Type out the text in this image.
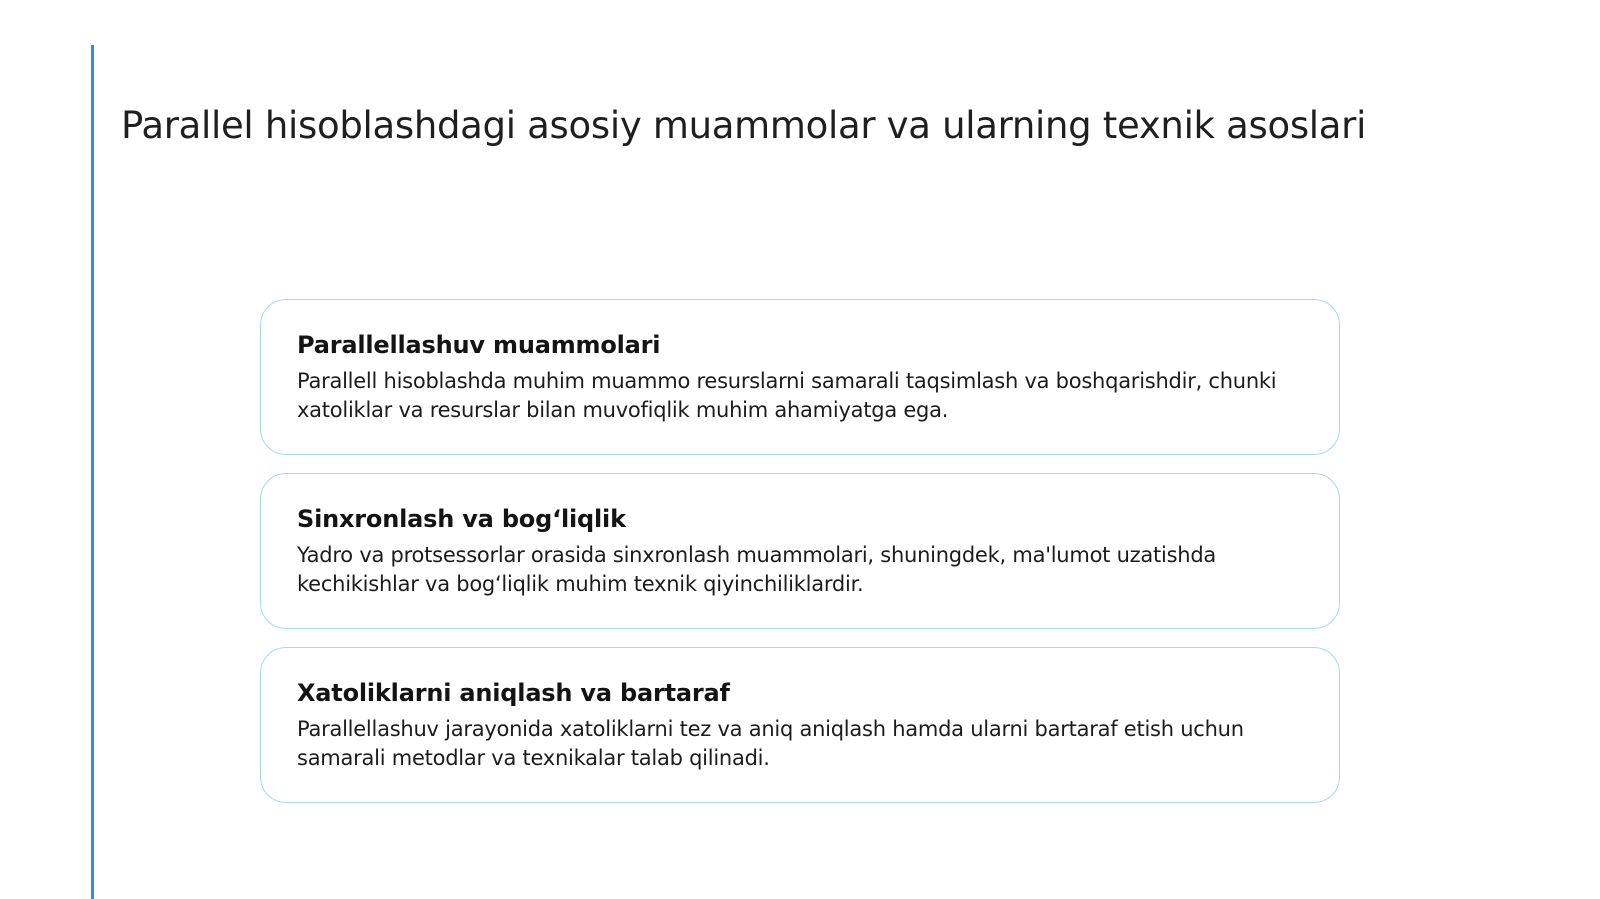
Parallel hisoblashdagi asosiy muammolar va ularning texnik asoslari
Parallellashuv muammolari

Parallell hisoblashda muhim muammo resurslarni samarali taqsimlash va boshqarishdir, chunki xatoliklar va resurslar bilan muvofiqlik muhim ahamiyatga ega.

Sinxronlash va bog‘liqlik

Yadro va protsessorlar orasida sinxronlash muammolari, shuningdek, ma'lumot uzatishda kechikishlar va bog‘liqlik muhim texnik qiyinchiliklardir.

Xatoliklarni aniqlash va bartaraf

Parallellashuv jarayonida xatoliklarni tez va aniq aniqlash hamda ularni bartaraf etish uchun samarali metodlar va texnikalar talab qilinadi.
